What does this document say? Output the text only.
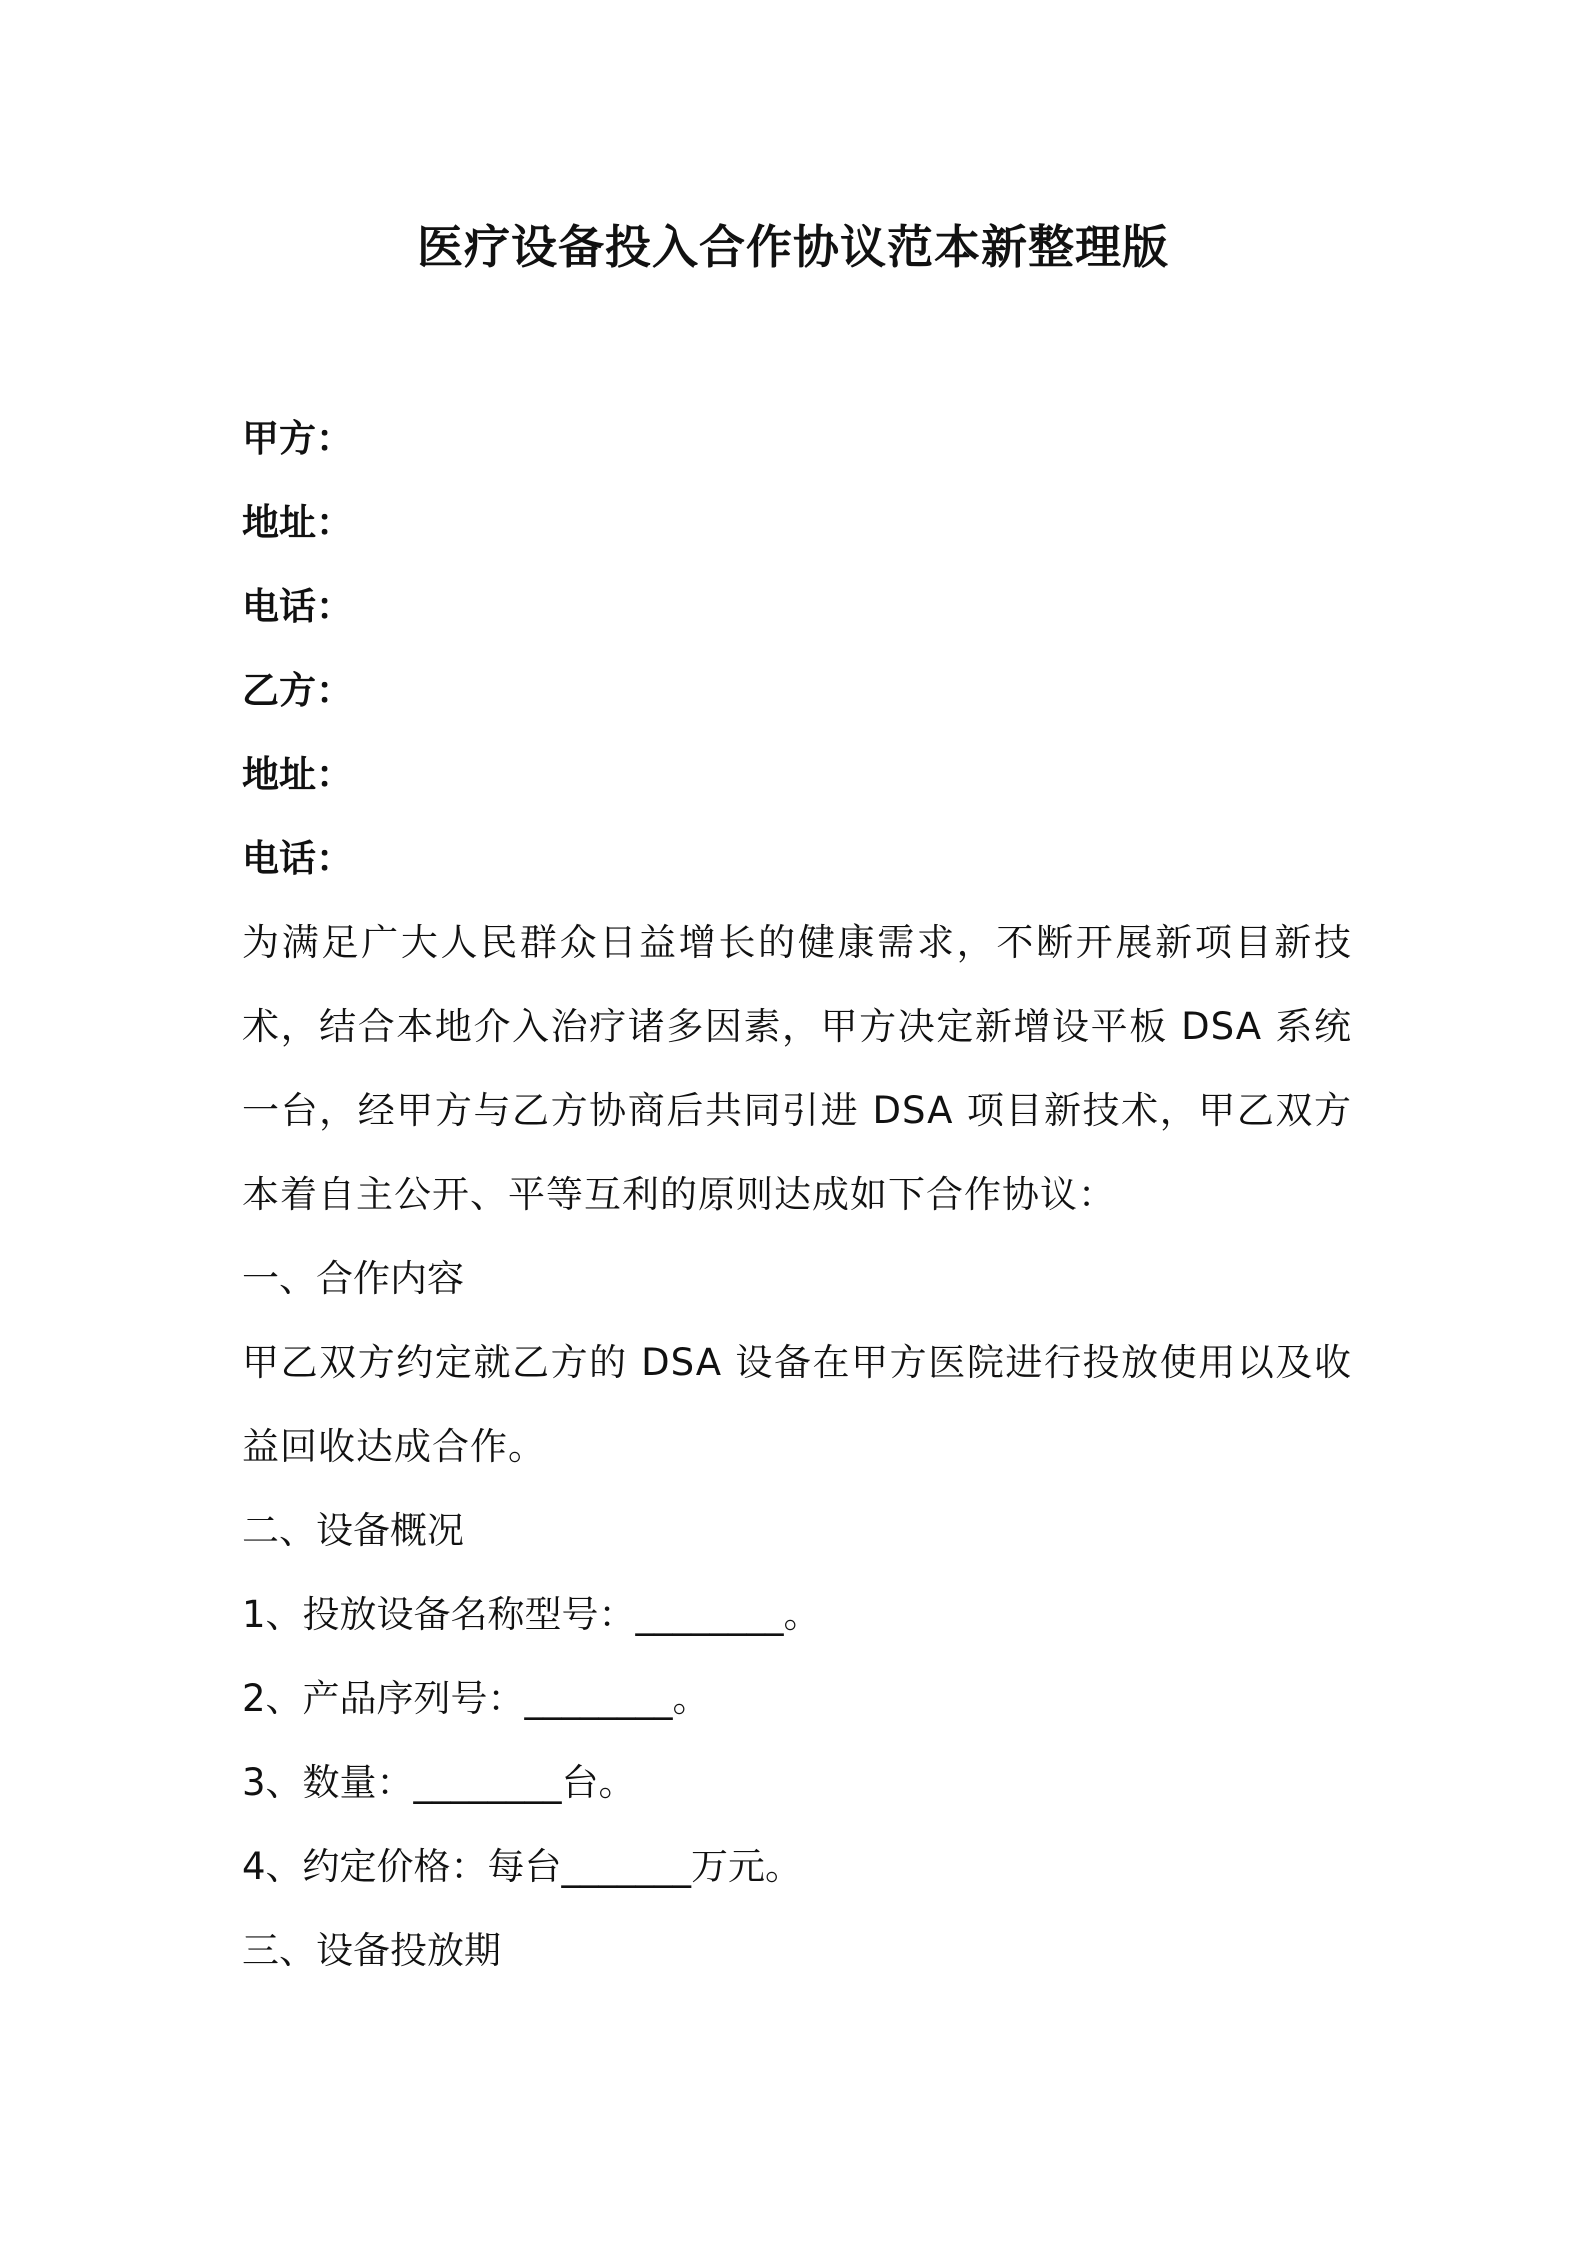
医疗设备投入合作协议范本新整理版
甲方：
地址：
电话：
乙方：
地址：
电话：
为满足广大人民群众日益增长的健康需求，不断开展新项目新技术，结合本地介入治疗诸多因素，甲方决定新增设平板 DSA 系统一台，经甲方与乙方协商后共同引进 DSA 项目新技术，甲乙双方本着自主公开、平等互利的原则达成如下合作协议：
一、合作内容
甲乙双方约定就乙方的 DSA 设备在甲方医院进行投放使用以及收益回收达成合作。
二、设备概况
1、投放设备名称型号：________。
2、产品序列号：________。
3、数量：________台。
4、约定价格：每台_______万元。
三、设备投放期
